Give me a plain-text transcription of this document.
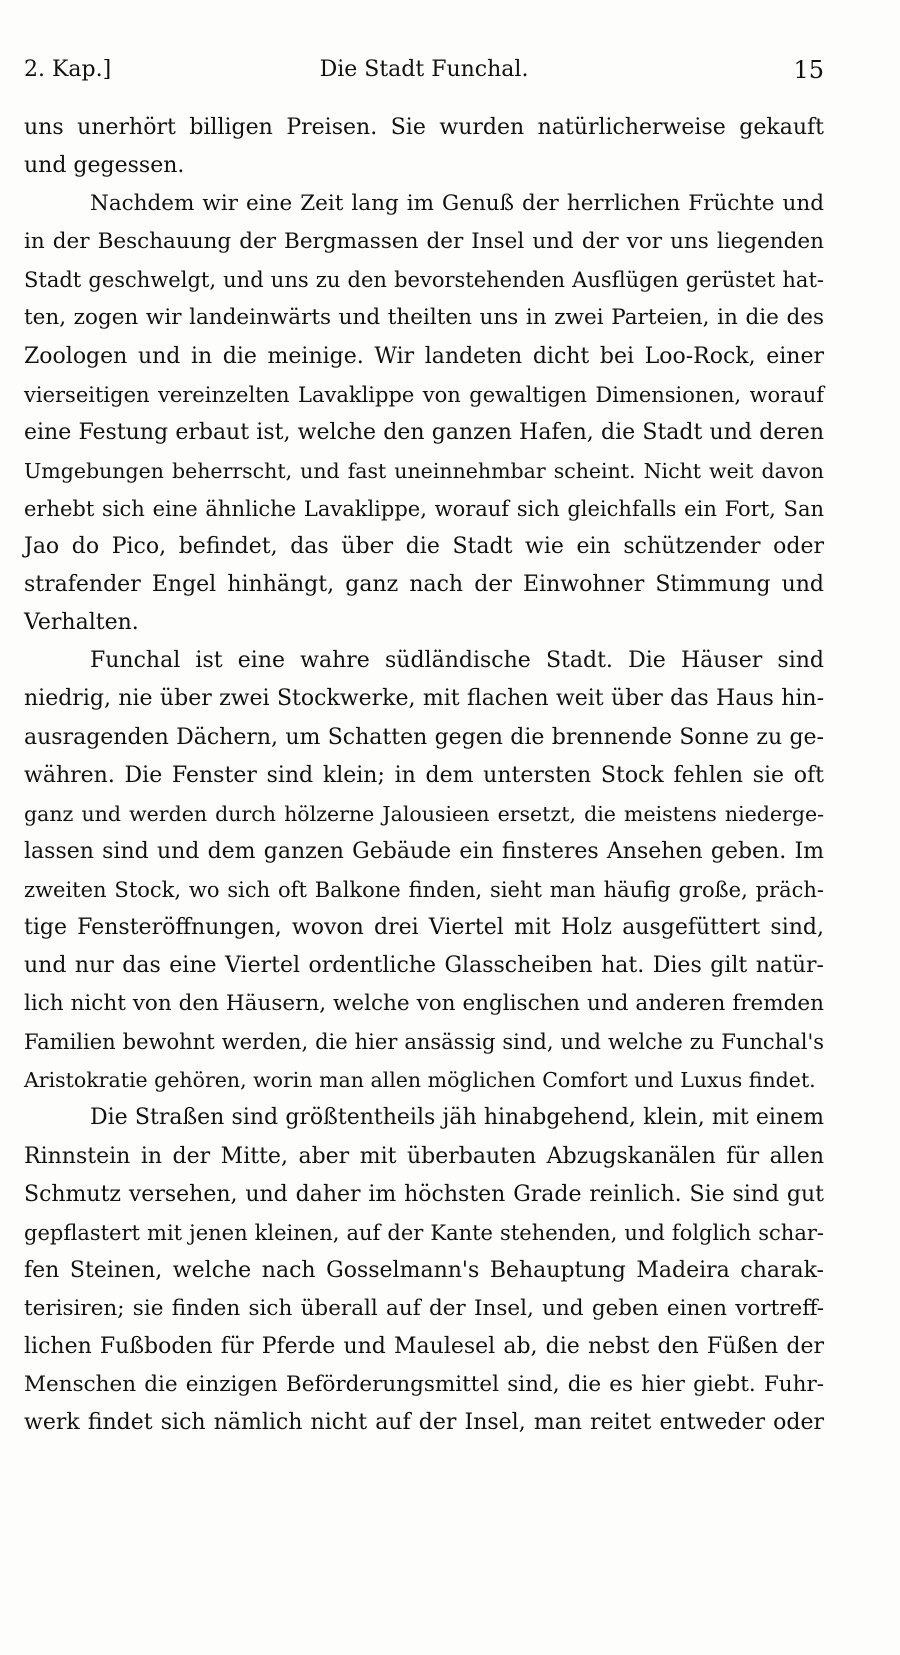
2. Kap.]	Die Stadt Funchal.	15
uns unerhört billigen Preisen. Sie wurden natürlicherweise gekauft
und gegessen.
Nachdem wir eine Zeit lang im Genuß der herrlichen Früchte und
in der Beschauung der Bergmassen der Insel und der vor uns liegenden
Stadt geschwelgt, und uns zu den bevorstehenden Ausflügen gerüstet hat-
ten, zogen wir landeinwärts und theilten uns in zwei Parteien, in die des
Zoologen und in die meinige. Wir landeten dicht bei Loo-Rock, einer
vierseitigen vereinzelten Lavaklippe von gewaltigen Dimensionen, worauf
eine Festung erbaut ist, welche den ganzen Hafen, die Stadt und deren
Umgebungen beherrscht, und fast uneinnehmbar scheint. Nicht weit davon
erhebt sich eine ähnliche Lavaklippe, worauf sich gleichfalls ein Fort, San
Jao do Pico, befindet, das über die Stadt wie ein schützender oder
strafender Engel hinhängt, ganz nach der Einwohner Stimmung und
Verhalten.
Funchal ist eine wahre südländische Stadt. Die Häuser sind
niedrig, nie über zwei Stockwerke, mit flachen weit über das Haus hin-
ausragenden Dächern, um Schatten gegen die brennende Sonne zu ge-
währen. Die Fenster sind klein; in dem untersten Stock fehlen sie oft
ganz und werden durch hölzerne Jalousieen ersetzt, die meistens niederge-
lassen sind und dem ganzen Gebäude ein finsteres Ansehen geben. Im
zweiten Stock, wo sich oft Balkone finden, sieht man häufig große, präch-
tige Fensteröffnungen, wovon drei Viertel mit Holz ausgefüttert sind,
und nur das eine Viertel ordentliche Glasscheiben hat. Dies gilt natür-
lich nicht von den Häusern, welche von englischen und anderen fremden
Familien bewohnt werden, die hier ansässig sind, und welche zu Funchal's
Aristokratie gehören, worin man allen möglichen Comfort und Luxus findet.
Die Straßen sind größtentheils jäh hinabgehend, klein, mit einem
Rinnstein in der Mitte, aber mit überbauten Abzugskanälen für allen
Schmutz versehen, und daher im höchsten Grade reinlich. Sie sind gut
gepflastert mit jenen kleinen, auf der Kante stehenden, und folglich schar-
fen Steinen, welche nach Gosselmann's Behauptung Madeira charak-
terisiren; sie finden sich überall auf der Insel, und geben einen vortreff-
lichen Fußboden für Pferde und Maulesel ab, die nebst den Füßen der
Menschen die einzigen Beförderungsmittel sind, die es hier giebt. Fuhr-
werk findet sich nämlich nicht auf der Insel, man reitet entweder oder
